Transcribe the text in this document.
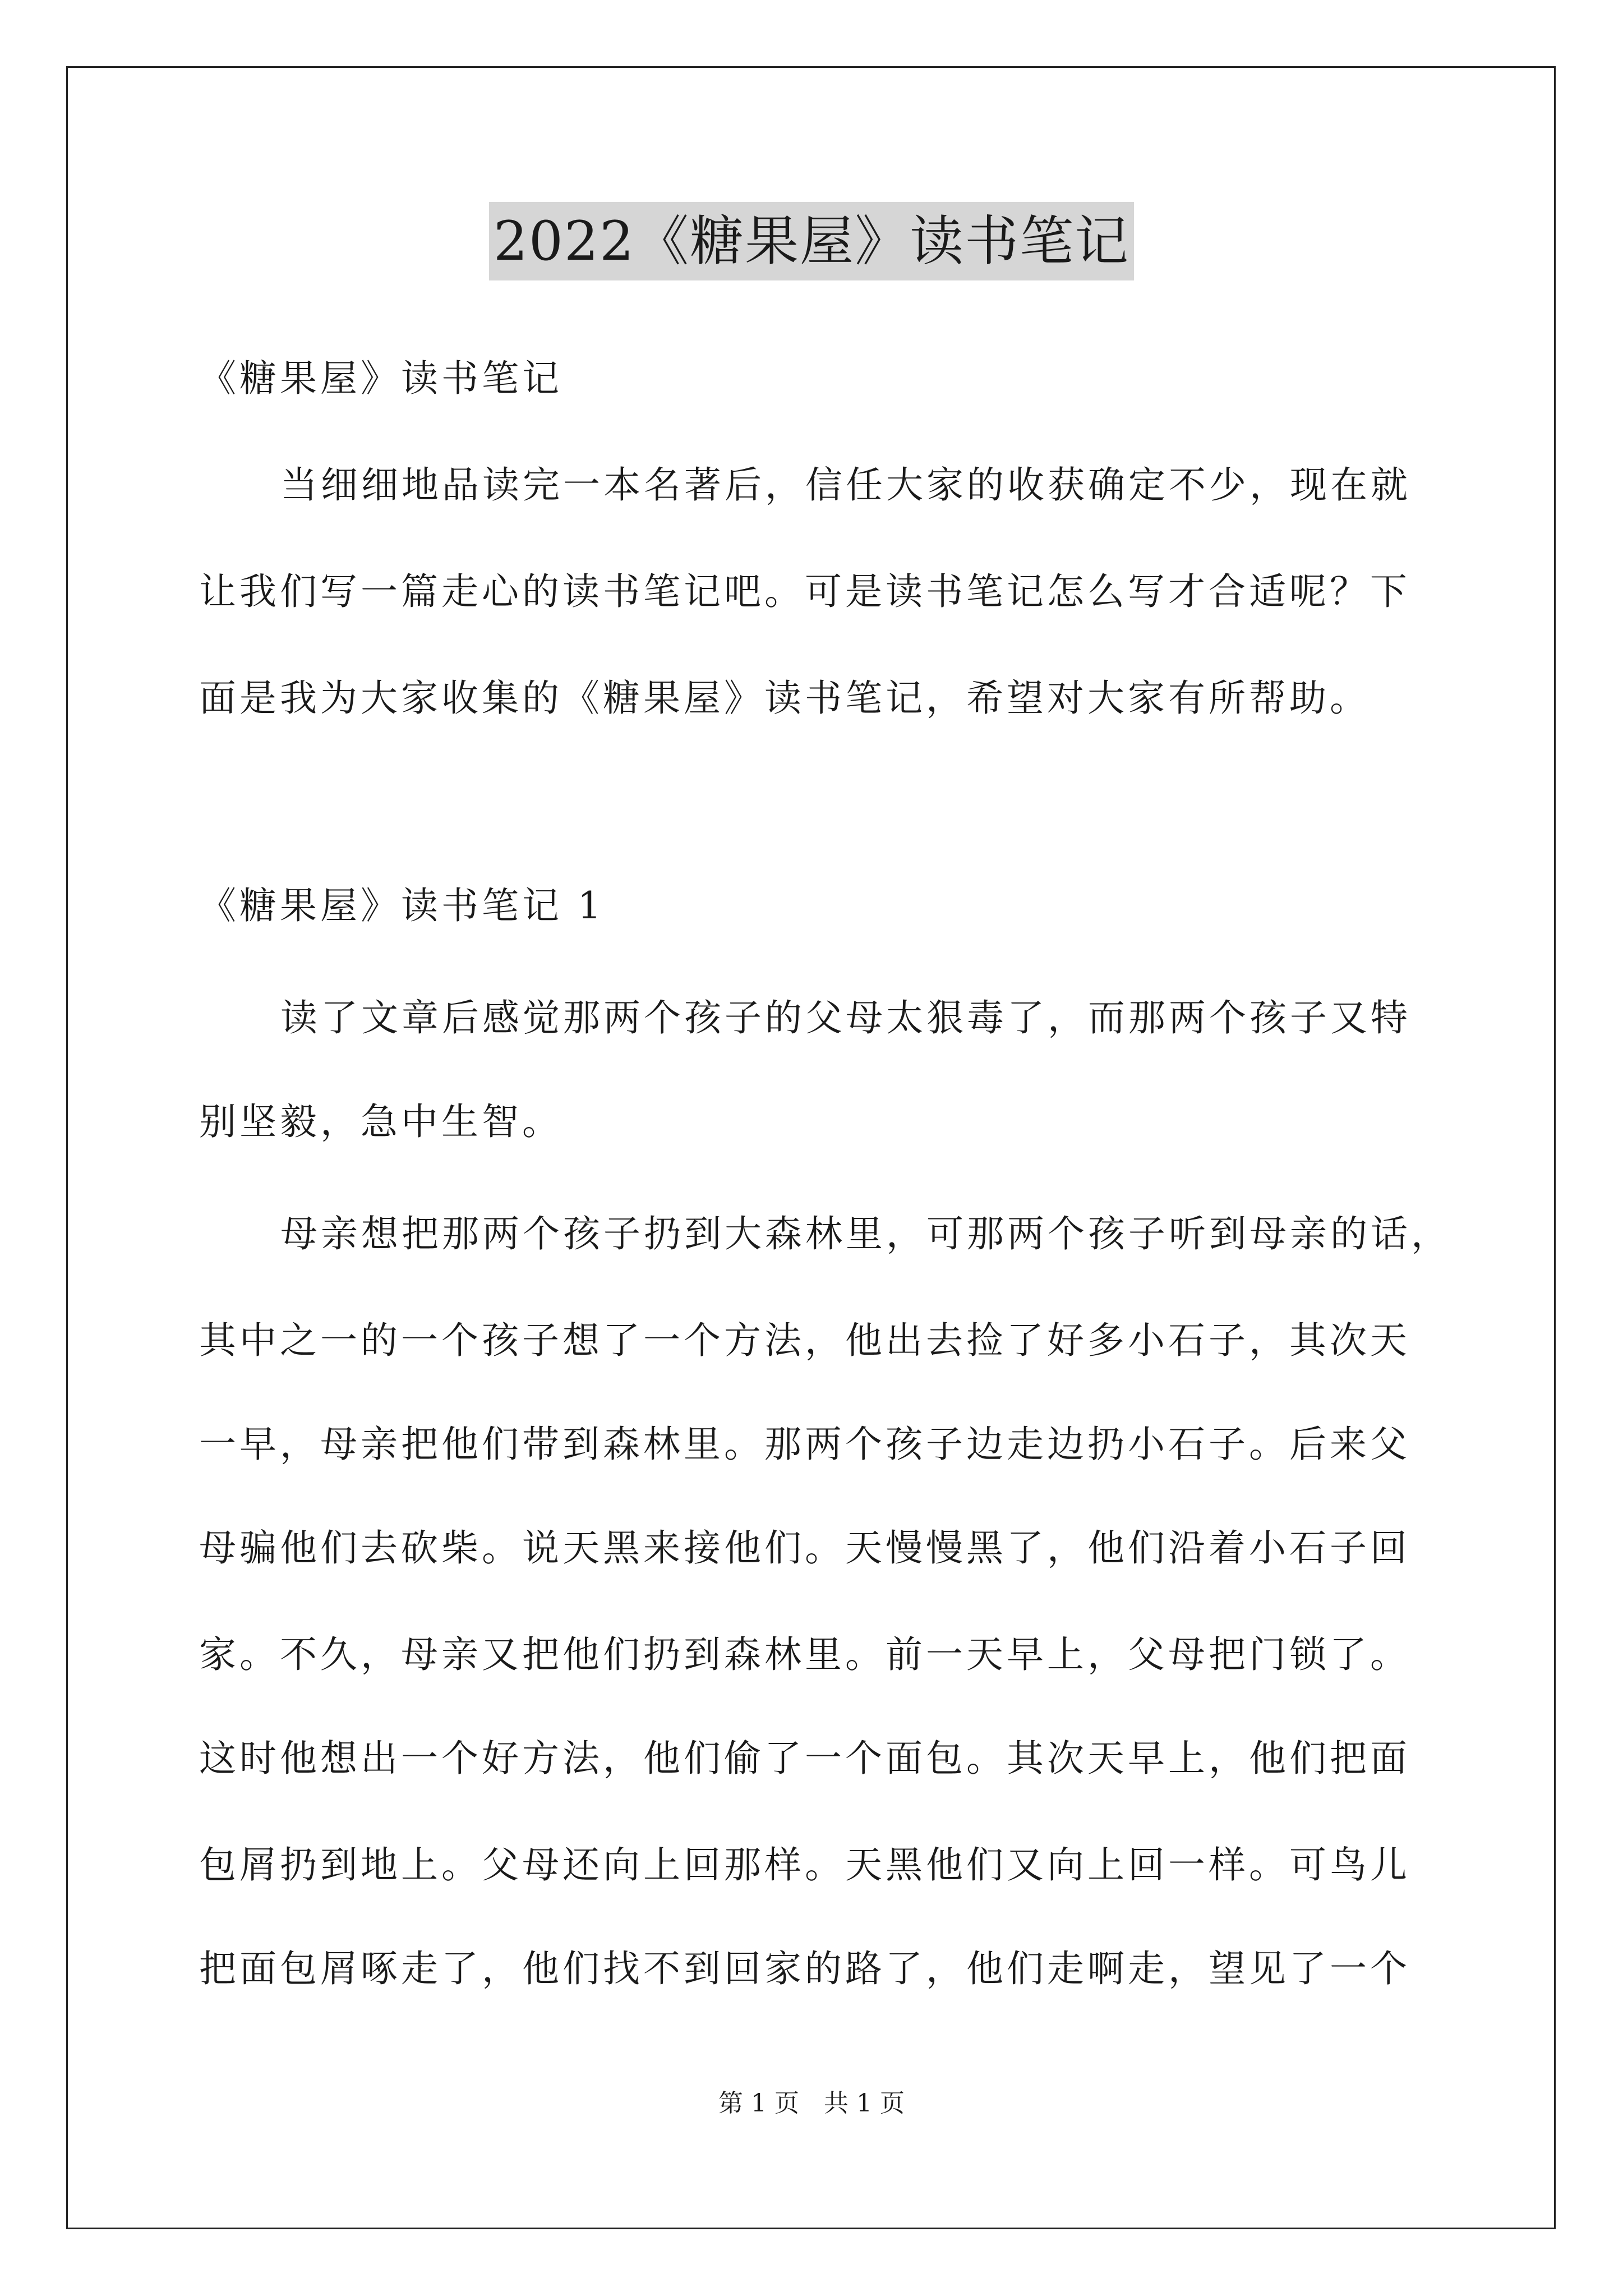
2022《糖果屋》读书笔记
《糖果屋》读书笔记
当细细地品读完一本名著后，信任大家的收获确定不少，现在就
让我们写一篇走心的读书笔记吧。可是读书笔记怎么写才合适呢？下
面是我为大家收集的《糖果屋》读书笔记，希望对大家有所帮助。
《糖果屋》读书笔记 1
读了文章后感觉那两个孩子的父母太狠毒了，而那两个孩子又特
别坚毅，急中生智。
母亲想把那两个孩子扔到大森林里，可那两个孩子听到母亲的话，
其中之一的一个孩子想了一个方法，他出去捡了好多小石子，其次天
一早，母亲把他们带到森林里。那两个孩子边走边扔小石子。后来父
母骗他们去砍柴。说天黑来接他们。天慢慢黑了，他们沿着小石子回
家。不久，母亲又把他们扔到森林里。前一天早上，父母把门锁了。
这时他想出一个好方法，他们偷了一个面包。其次天早上，他们把面
包屑扔到地上。父母还向上回那样。天黑他们又向上回一样。可鸟儿
把面包屑啄走了，他们找不到回家的路了，他们走啊走，望见了一个
第 1 页　共 1 页
